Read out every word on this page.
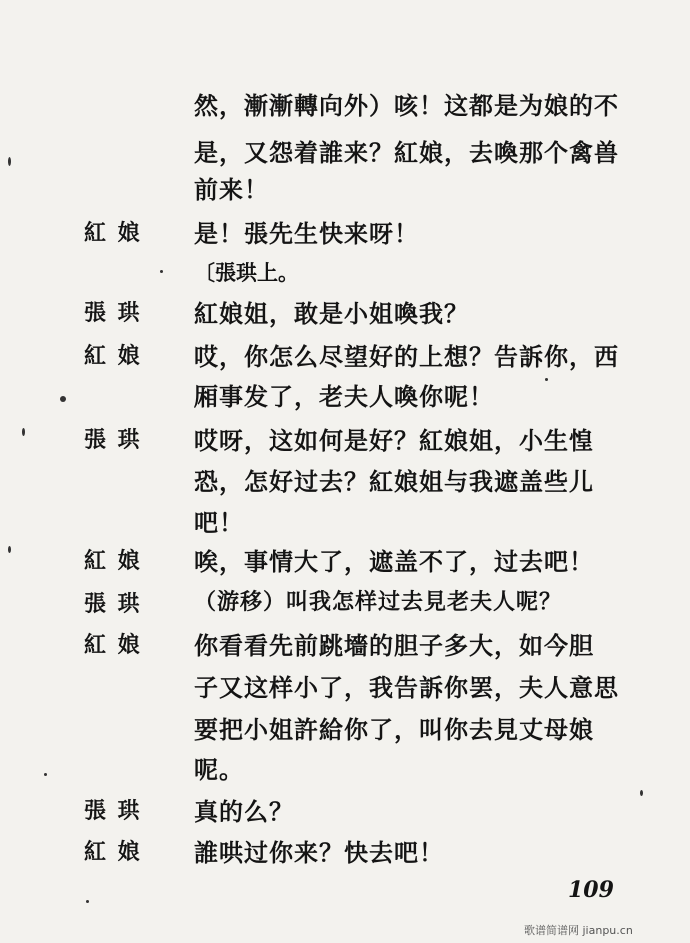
然，漸漸轉向外）咳！这都是为娘的不
是，又怨着誰来？紅娘，去喚那个禽兽
前来！
紅 娘 是！張先生快来呀！
〔張珙上。
張 珙 紅娘姐，敢是小姐喚我？
紅 娘 哎，你怎么尽望好的上想？告訴你，西
厢事发了，老夫人喚你呢！
張 珙 哎呀，这如何是好？紅娘姐，小生惶
恐，怎好过去？紅娘姐与我遮盖些儿
吧！
紅 娘 唉，事情大了，遮盖不了，过去吧！
張 珙 （游移）叫我怎样过去見老夫人呢？
紅 娘 你看看先前跳墻的胆子多大，如今胆
子又这样小了，我告訴你罢，夫人意思
要把小姐許給你了，叫你去見丈母娘
呢。
張 珙 真的么？
紅 娘 誰哄过你来？快去吧！
109
歌谱简谱网 jianpu.cn
